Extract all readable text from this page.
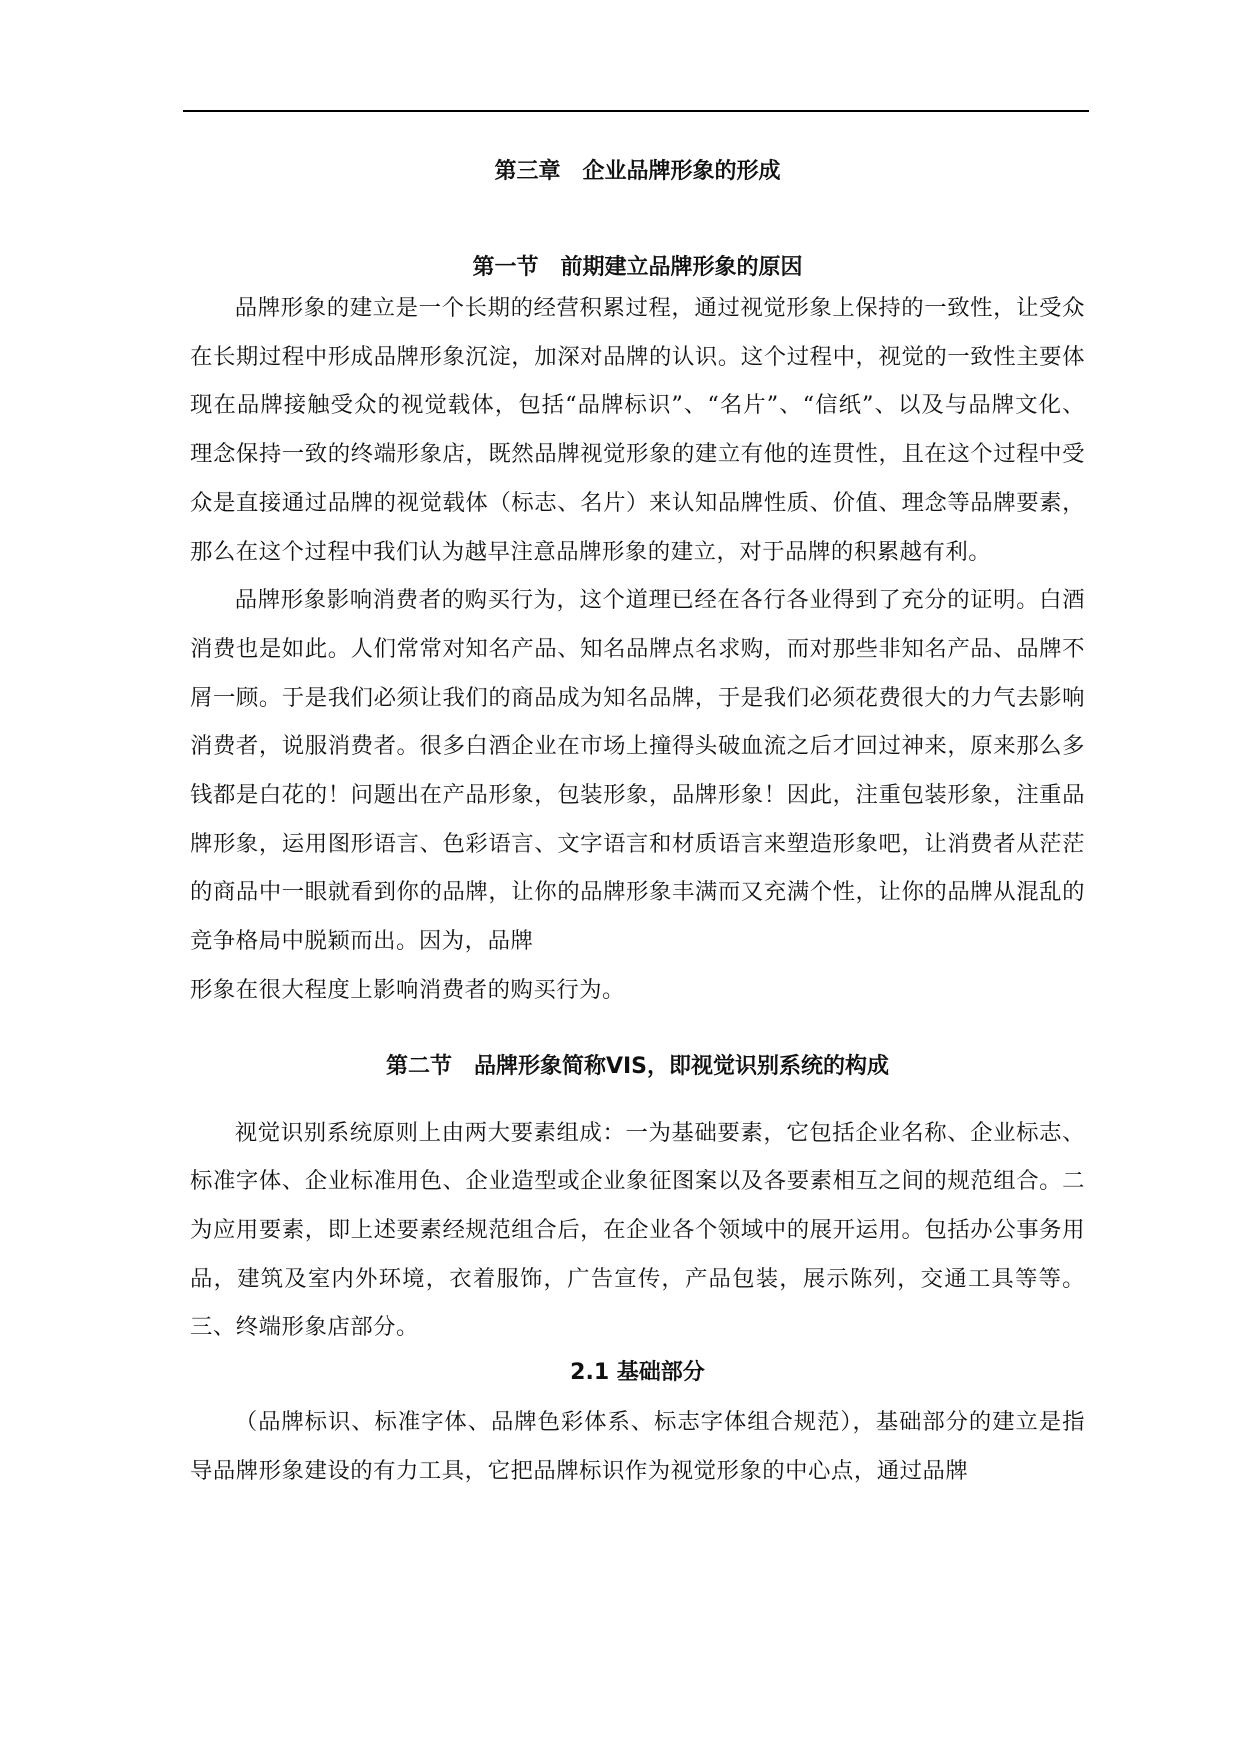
第三章　企业品牌形象的形成
第一节　前期建立品牌形象的原因

品牌形象的建立是一个长期的经营积累过程，通过视觉形象上保持的一致性，让受众在长期过程中形成品牌形象沉淀，加深对品牌的认识。这个过程中，视觉的一致性主要体现在品牌接触受众的视觉载体，包括“品牌标识”、“名片”、“信纸”、以及与品牌文化、理念保持一致的终端形象店，既然品牌视觉形象的建立有他的连贯性，且在这个过程中受众是直接通过品牌的视觉载体（标志、名片）来认知品牌性质、价值、理念等品牌要素，那么在这个过程中我们认为越早注意品牌形象的建立，对于品牌的积累越有利。

品牌形象影响消费者的购买行为，这个道理已经在各行各业得到了充分的证明。白酒消费也是如此。人们常常对知名产品、知名品牌点名求购，而对那些非知名产品、品牌不屑一顾。于是我们必须让我们的商品成为知名品牌，于是我们必须花费很大的力气去影响消费者，说服消费者。很多白酒企业在市场上撞得头破血流之后才回过神来，原来那么多钱都是白花的！问题出在产品形象，包装形象，品牌形象！因此，注重包装形象，注重品牌形象，运用图形语言、色彩语言、文字语言和材质语言来塑造形象吧，让消费者从茫茫的商品中一眼就看到你的品牌，让你的品牌形象丰满而又充满个性，让你的品牌从混乱的竞争格局中脱颖而出。因为，品牌

形象在很大程度上影响消费者的购买行为。

第二节　品牌形象简称VIS，即视觉识别系统的构成

视觉识别系统原则上由两大要素组成：一为基础要素，它包括企业名称、企业标志、标准字体、企业标准用色、企业造型或企业象征图案以及各要素相互之间的规范组合。二为应用要素，即上述要素经规范组合后，在企业各个领域中的展开运用。包括办公事务用品，建筑及室内外环境，衣着服饰，广告宣传，产品包装，展示陈列，交通工具等等。三、终端形象店部分。

2.1 基础部分

（品牌标识、标准字体、品牌色彩体系、标志字体组合规范），基础部分的建立是指导品牌形象建设的有力工具，它把品牌标识作为视觉形象的中心点，通过品牌
